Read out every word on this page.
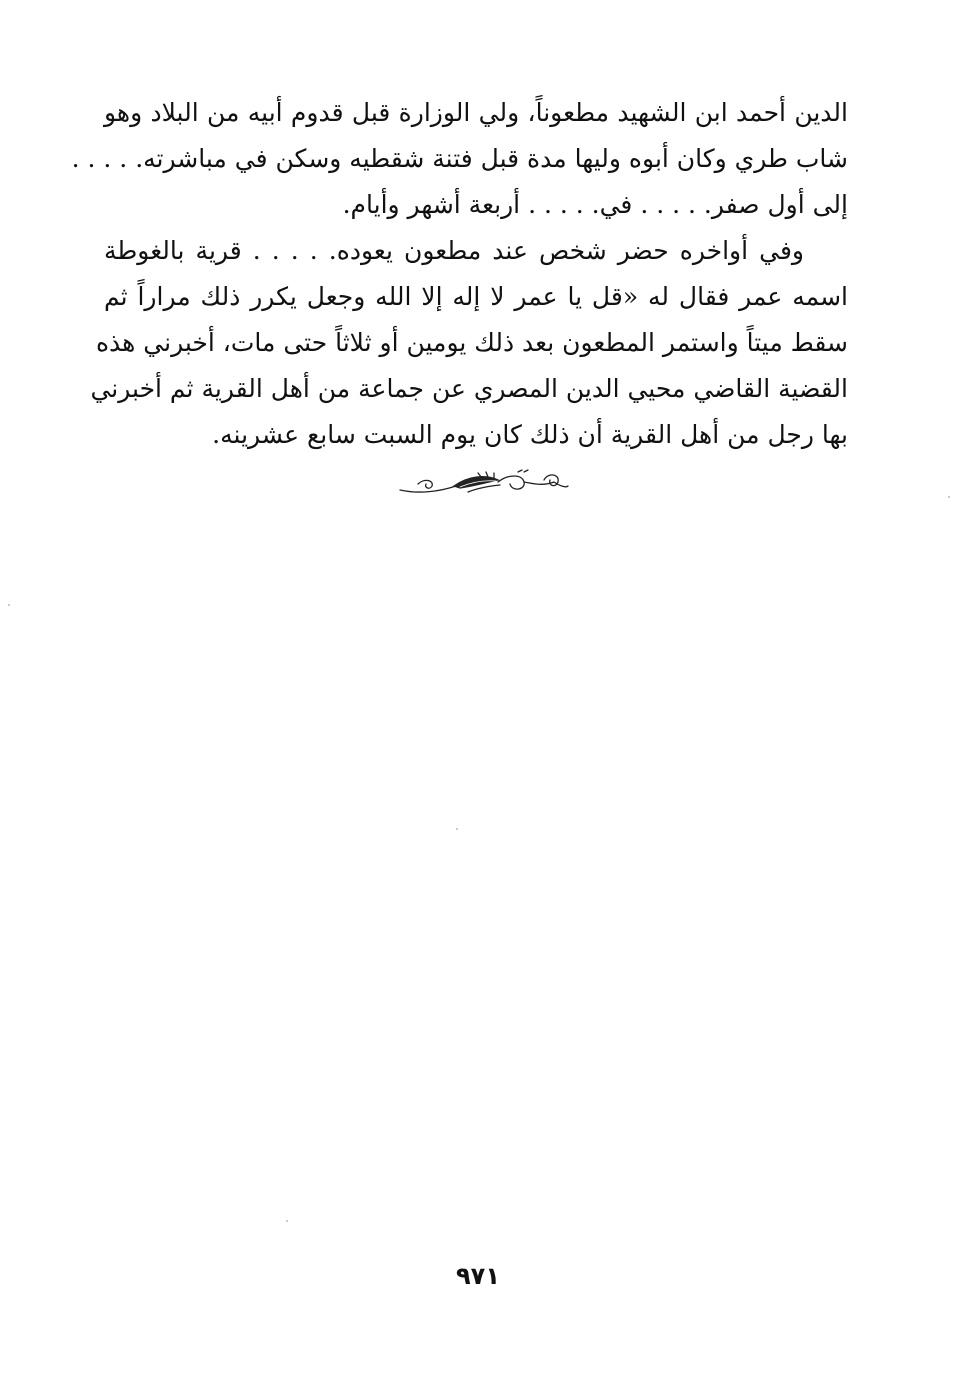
الدين أحمد ابن الشهيد مطعوناً، ولي الوزارة قبل قدوم أبيه من البلاد وهو
شاب طري وكان أبوه وليها مدة قبل فتنة شقطيه وسكن في مباشرته. . . . .
إلى أول صفر. . . . . في. . . . . أربعة أشهر وأيام.
وفي أواخره حضر شخص عند مطعون يعوده. . . . . قرية بالغوطة
اسمه عمر فقال له «قل يا عمر لا إله إلا الله وجعل يكرر ذلك مراراً ثم
سقط ميتاً واستمر المطعون بعد ذلك يومين أو ثلاثاً حتى مات، أخبرني هذه
القضية القاضي محيي الدين المصري عن جماعة من أهل القرية ثم أخبرني
بها رجل من أهل القرية أن ذلك كان يوم السبت سابع عشرينه.
٩٧١
